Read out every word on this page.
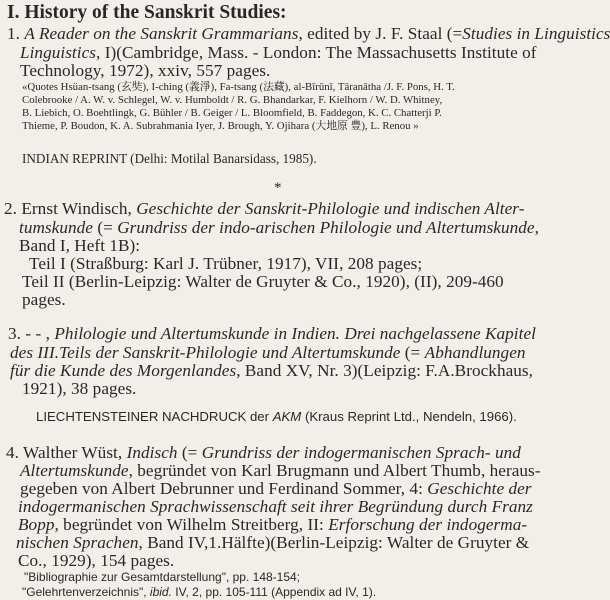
I. History of the Sanskrit Studies:
1. A Reader on the Sanskrit Grammarians, edited by J. F. Staal (=Studies in Linguistics
Linguistics, I)(Cambridge, Mass. - London: The Massachusetts Institute of
Technology, 1972), xxiv, 557 pages.
«Quotes Hsüan-tsang (玄奘), I-ching (義淨), Fa-tsang (法藏), al-Bīrūnī, Tāranātha /J. F. Pons, H. T.
Colebrooke / A. W. v. Schlegel, W. v. Humboldt / R. G. Bhandarkar, F. Kielhorn / W. D. Whitney,
B. Liebich, O. Boehtlingk, G. Bühler / B. Geiger / L. Bloomfield, B. Faddegon, K. C. Chatterji P.
Thieme, P. Boudon, K. A. Subrahmania Iyer, J. Brough, Y. Ojihara (大地原 豊), L. Renou »
INDIAN REPRINT (Delhi: Motilal Banarsidass, 1985).
*
2. Ernst Windisch, Geschichte der Sanskrit-Philologie und indischen Alter-
tumskunde (= Grundriss der indo-arischen Philologie und Altertumskunde,
Band I, Heft 1B):
Teil I (Straßburg: Karl J. Trübner, 1917), VII, 208 pages;
Teil II (Berlin-Leipzig: Walter de Gruyter & Co., 1920), (II), 209-460
pages.
3. - - , Philologie und Altertumskunde in Indien. Drei nachgelassene Kapitel
des III.Teils der Sanskrit-Philologie und Altertumskunde (= Abhandlungen
für die Kunde des Morgenlandes, Band XV, Nr. 3)(Leipzig: F.A.Brockhaus,
1921), 38 pages.
LIECHTENSTEINER NACHDRUCK der AKM (Kraus Reprint Ltd., Nendeln, 1966).
4. Walther Wüst, Indisch (= Grundriss der indogermanischen Sprach- und
Altertumskunde, begründet von Karl Brugmann und Albert Thumb, heraus-
gegeben von Albert Debrunner und Ferdinand Sommer, 4: Geschichte der
indogermanischen Sprachwissenschaft seit ihrer Begründung durch Franz
Bopp, begründet von Wilhelm Streitberg, II: Erforschung der indogerma-
nischen Sprachen, Band IV,1.Hälfte)(Berlin-Leipzig: Walter de Gruyter &
Co., 1929), 154 pages.
"Bibliographie zur Gesamtdarstellung", pp. 148-154;
"Gelehrtenverzeichnis", ibid. IV, 2, pp. 105-111 (Appendix ad IV, 1).
